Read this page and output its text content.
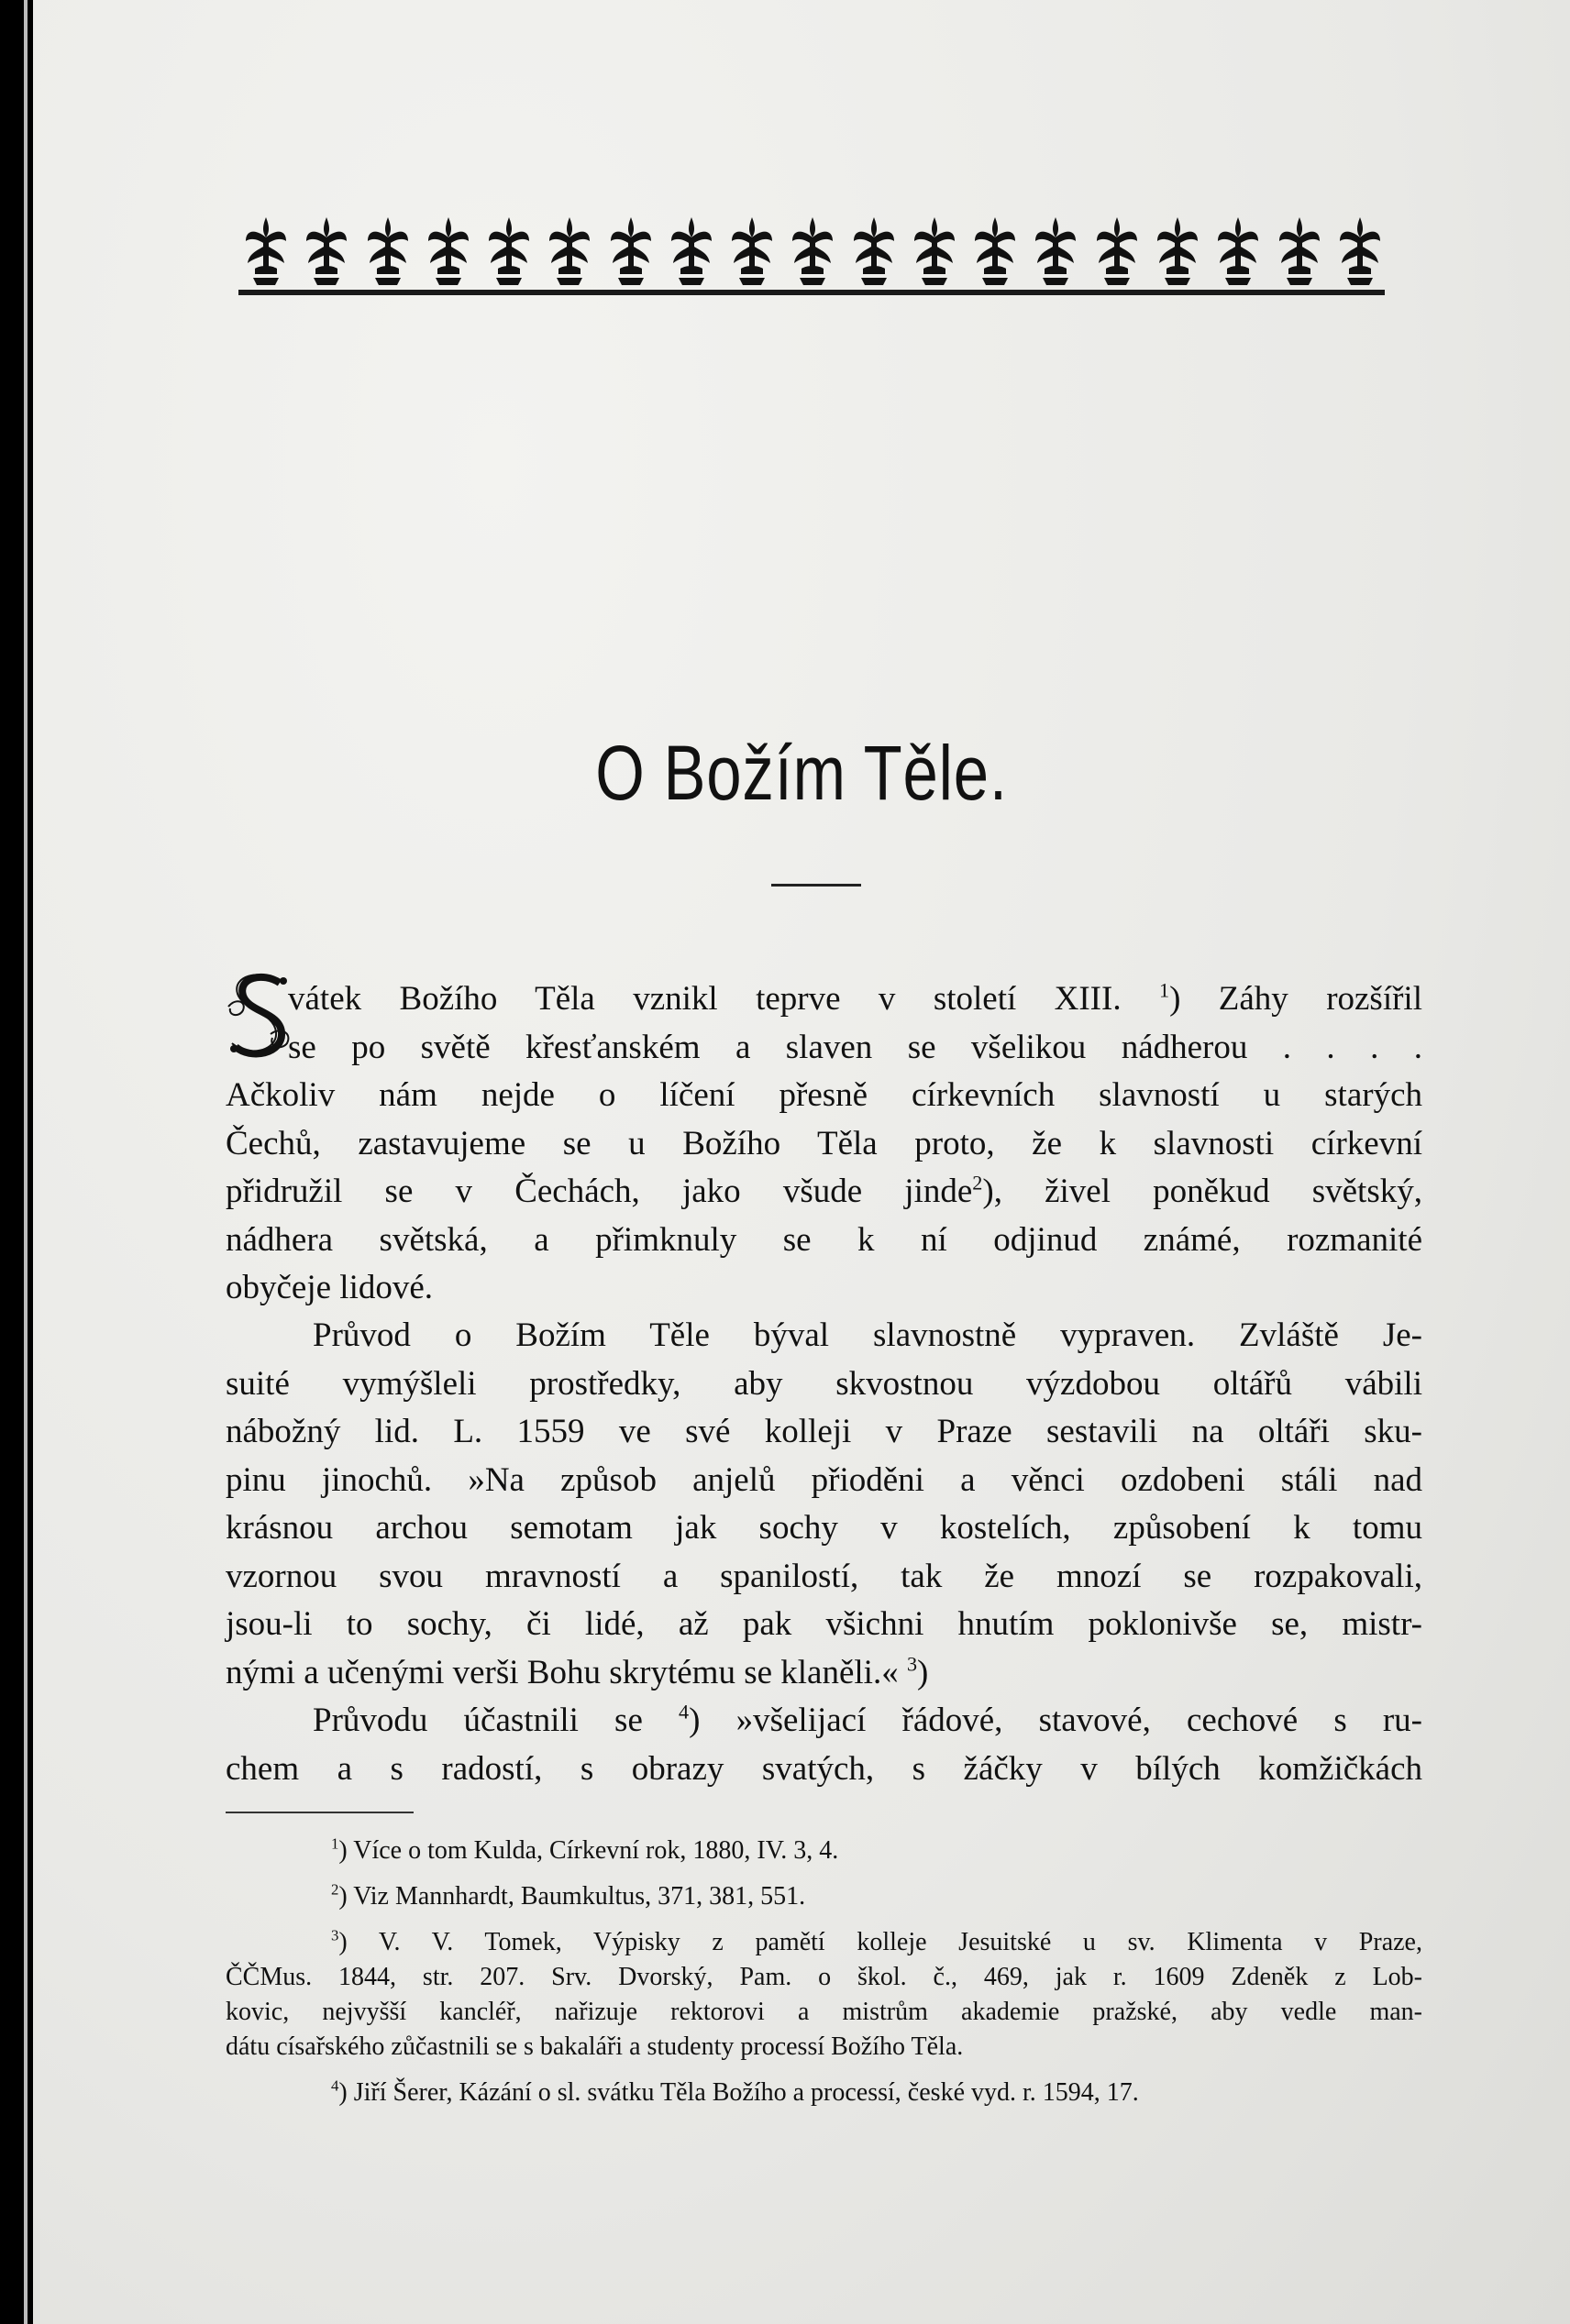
O Božím Těle.
vátek Božího Těla vznikl teprve v století XIII. $^1$) Záhy rozšířil
se po světě křesťanském a slaven se všelikou nádherou . . . .
Ačkoliv nám nejde o líčení přesně církevních slavností u starých
Čechů, zastavujeme se u Božího Těla proto, že k slavnosti církevní
přidružil se v Čechách, jako všude jinde$^2$), živel poněkud světský,
nádhera světská, a přimknuly se k ní odjinud známé, rozmanité
obyčeje lidové.
Průvod o Božím Těle býval slavnostně vypraven. Zvláště Je-
suité vymýšleli prostředky, aby skvostnou výzdobou oltářů vábili
nábožný lid. L. 1559 ve své kolleji v Praze sestavili na oltáři sku-
pinu jinochů. »Na způsob anjelů přioděni a věnci ozdobeni stáli nad
krásnou archou semotam jak sochy v kostelích, způsobení k tomu
vzornou svou mravností a spanilostí, tak že mnozí se rozpakovali,
jsou-li to sochy, či lidé, až pak všichni hnutím poklonivše se, mistr-
nými a učenými verši Bohu skrytému se klaněli.« $^3$)
Průvodu účastnili se $^4$) »všelijací řádové, stavové, cechové s ru-
chem a s radostí, s obrazy svatých, s žáčky v bílých komžičkách
$^1$) Více o tom Kulda, Církevní rok, 1880, IV. 3, 4.
$^2$) Viz Mannhardt, Baumkultus, 371, 381, 551.
$^3$) V. V. Tomek, Výpisky z pamětí kolleje Jesuitské u sv. Klimenta v Praze,
ČČMus. 1844, str. 207. Srv. Dvorský, Pam. o škol. č., 469, jak r. 1609 Zdeněk z Lob-
kovic, nejvyšší kancléř, nařizuje rektorovi a mistrům akademie pražské, aby vedle man-
dátu císařského zůčastnili se s bakaláři a studenty processí Božího Těla.
$^4$) Jiří Šerer, Kázání o sl. svátku Těla Božího a processí, české vyd. r. 1594, 17.
